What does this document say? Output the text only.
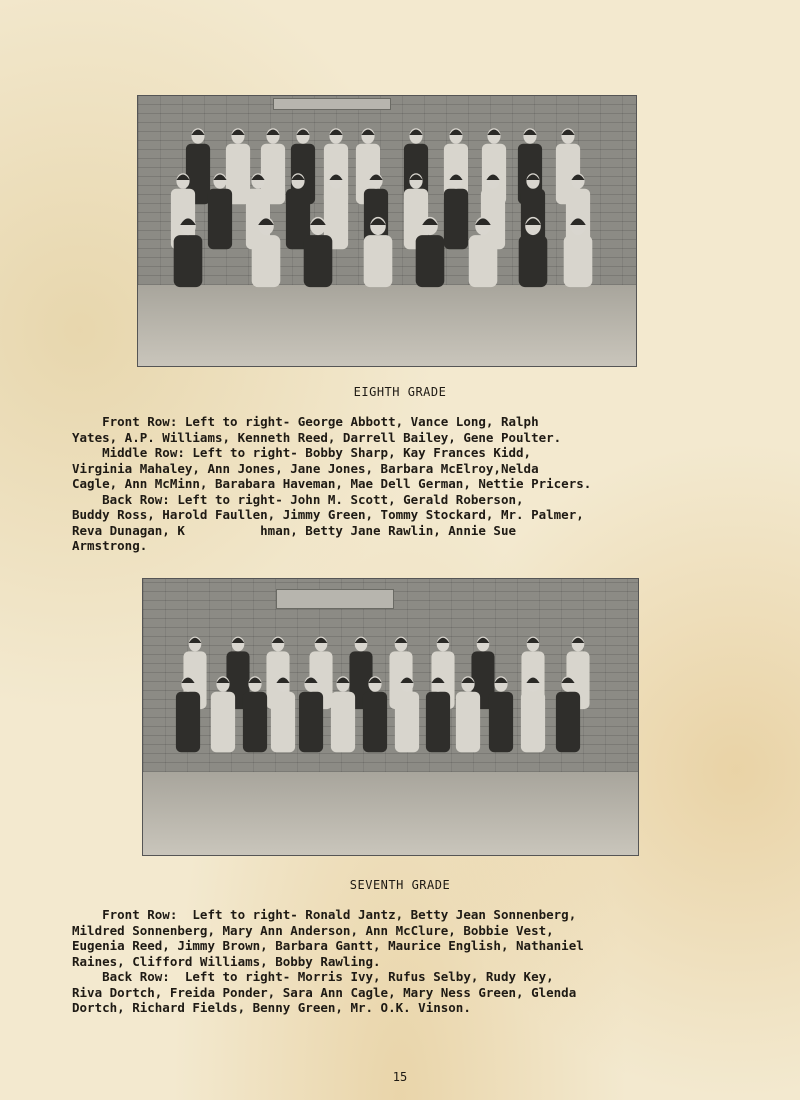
EIGHTH GRADE
Front Row: Left to right- George Abbott, Vance Long, Ralph
Yates, A.P. Williams, Kenneth Reed, Darrell Bailey, Gene Poulter.
Middle Row: Left to right- Bobby Sharp, Kay Frances Kidd,
Virginia Mahaley, Ann Jones, Jane Jones, Barbara McElroy,Nelda
Cagle, Ann McMinn, Barabara Haveman, Mae Dell German, Nettie Pricers.
Back Row: Left to right- John M. Scott, Gerald Roberson,
Buddy Ross, Harold Faullen, Jimmy Green, Tommy Stockard, Mr. Palmer,
Reva Dunagan, K          hman, Betty Jane Rawlin, Annie Sue
Armstrong.
SEVENTH GRADE
Front Row:  Left to right- Ronald Jantz, Betty Jean Sonnenberg,
Mildred Sonnenberg, Mary Ann Anderson, Ann McClure, Bobbie Vest,
Eugenia Reed, Jimmy Brown, Barbara Gantt, Maurice English, Nathaniel
Raines, Clifford Williams, Bobby Rawling.
Back Row:  Left to right- Morris Ivy, Rufus Selby, Rudy Key,
Riva Dortch, Freida Ponder, Sara Ann Cagle, Mary Ness Green, Glenda
Dortch, Richard Fields, Benny Green, Mr. O.K. Vinson.
15
